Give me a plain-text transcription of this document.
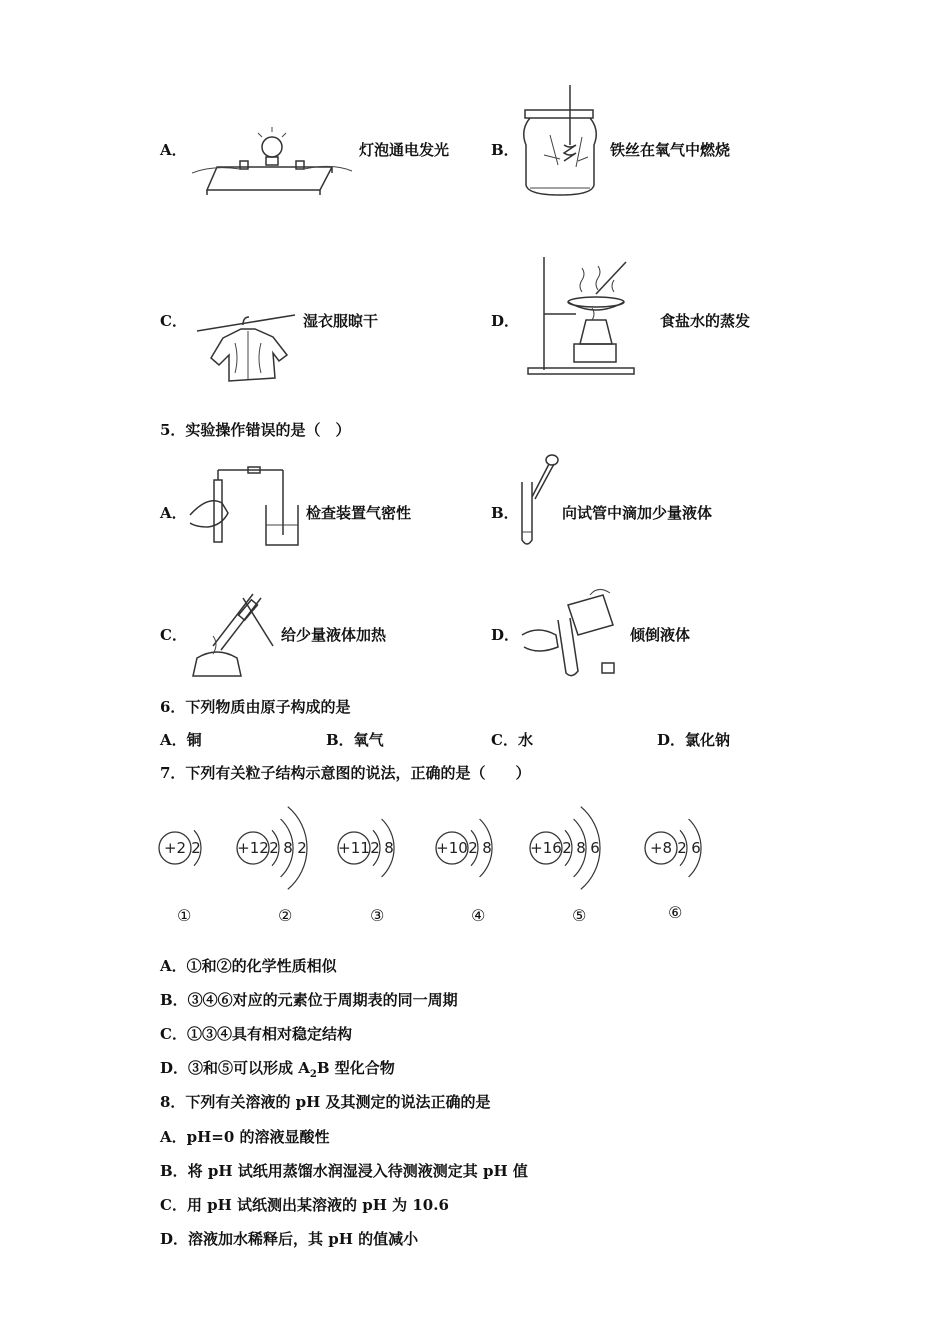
A．	灯泡通电发光	B．	铁丝在氧气中燃烧
C．	湿衣服晾干	D．	食盐水的蒸发
5．实验操作错误的是（　）
A．	检查装置气密性	B．	向试管中滴加少量液体
C．	给少量液体加热	D．	倾倒液体
6．下列物质由原子构成的是
A．铜	B．氧气	C．水	D．氯化钠
7．下列有关粒子结构示意图的说法，正确的是（　　）
+2 2 +12 2 8 2 +11 2 8	+10 2 8	+16 2 8 6	+8 2 6
①	②	③	④	⑤	⑥
A．①和②的化学性质相似
B．③④⑥对应的元素位于周期表的同一周期
C．①③④具有相对稳定结构
D．③和⑤可以形成 $A_2B$ 型化合物
8．下列有关溶液的 pH 及其测定的说法正确的是
A．pH=0 的溶液显酸性
B．将 pH 试纸用蒸馏水润湿浸入待测液测定其 pH 值
C．用 pH 试纸测出某溶液的 pH 为 10.6
D．溶液加水稀释后，其 pH 的值减小
